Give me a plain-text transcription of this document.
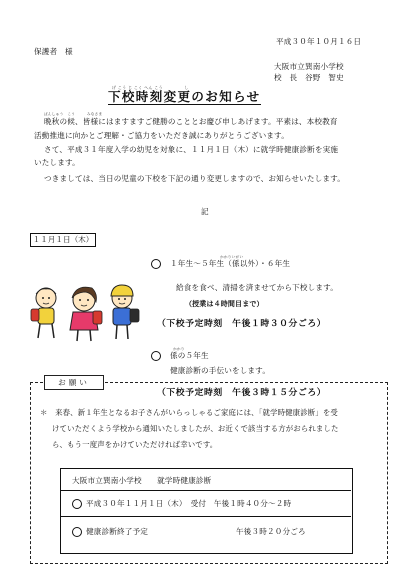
平成３０年１０月１６日
保護者　様
大阪市立巽南小学校
校　長　谷野　智史
げ こう じ こく へん こう　　　　　し
下校時刻変更のお知らせ
ばんしゅう　こう　　　みなさま
晩秋の候、皆様にはますますご健勝のこととお慶び申しあげます。平素は、本校教育
活動推進に向かとご理解・ご協力をいただき誠にありがとうございます。
さて、平成３１年度入学の幼児を対象に、１１月１日（木）に就学時健康診断を実施
いたします。
つきましては、当日の児童の下校を下記の通り変更しますので、お知らせいたします。
記
１１月１日（木）
かかりいがい
１年生～５年生（係以外）・６年生
給食を食べ、清掃を済ませてから下校します。
（授業は４時間目まで）
（下校予定時刻　午後１時３０分ごろ）
かかり
係の５年生
健康診断の手伝いをします。
（下校予定時刻　午後３時１５分ごろ）
お願い
＊　来春、新１年生となるお子さんがいらっしゃるご家庭には、「就学時健康診断」を受
けていただくよう学校から通知いたしましたが、お近くで該当する方がおられました
ら、もう一度声をかけていただければ幸いです。
大阪市立巽南小学校　　就学時健康診断
平成３０年１１月１日（木）　受付　午後１時４０分～２時
健康診断終了予定	午後３時２０分ごろ
